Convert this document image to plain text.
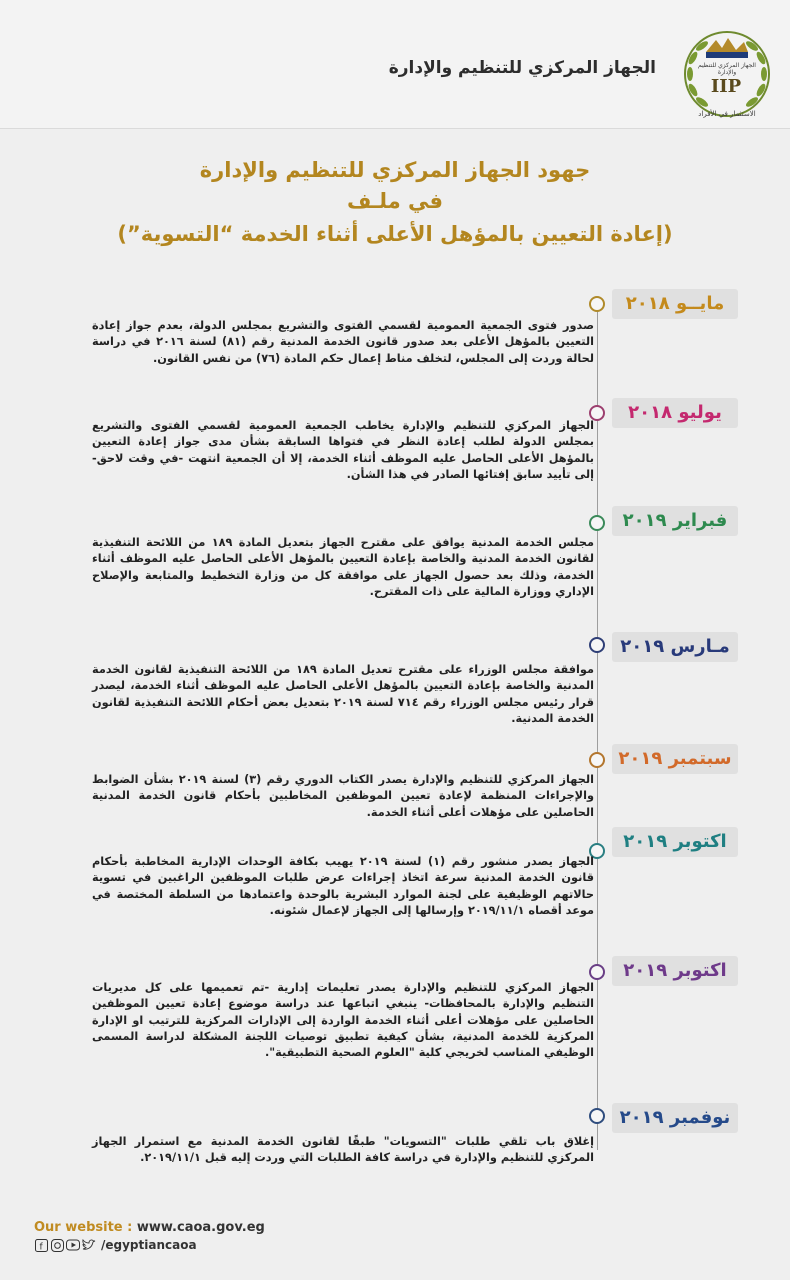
الجهاز المركزي للتنظيم والإدارة	الجهاز المركزي للتنظيم والإدارة
IIP
الاستثمار في الأفراد
جهود الجهاز المركزي للتنظيم والإدارة
في ملـف
(إعادة التعيين بالمؤهل الأعلى أثناء الخدمة “التسوية”)
مايــو ٢٠١٨
صدور فتوى الجمعية العمومية لقسمي الفتوى والتشريع بمجلس الدولة، بعدم جواز إعادة التعيين بالمؤهل الأعلى بعد صدور قانون الخدمة المدنية رقم (٨١) لسنة ٢٠١٦ في دراسة لحالة وردت إلى المجلس، لتخلف مناط إعمال حكم المادة (٧٦) من نفس القانون.
يوليو ٢٠١٨
الجهاز المركزي للتنظيم والإدارة يخاطب الجمعية العمومية لقسمي الفتوى والتشريع بمجلس الدولة لطلب إعادة النظر في فتواها السابقة بشأن مدى جواز إعادة التعيين بالمؤهل الأعلى الحاصل عليه الموظف أثناء الخدمة، إلا أن الجمعية انتهت -في وقت لاحق- إلى تأييد سابق إفتائها الصادر في هذا الشأن.
فبراير ٢٠١٩
مجلس الخدمة المدنية يوافق على مقترح الجهاز بتعديل المادة ١٨٩ من اللائحة التنفيذية لقانون الخدمة المدنية والخاصة بإعادة التعيين بالمؤهل الأعلى الحاصل عليه الموظف أثناء الخدمة، وذلك بعد حصول الجهاز على موافقة كل من وزارة التخطيط والمتابعة والإصلاح الإداري ووزارة المالية على ذات المقترح.
مـارس ٢٠١٩
موافقة مجلس الوزراء على مقترح تعديل المادة ١٨٩ من اللائحة التنفيذية لقانون الخدمة المدنية والخاصة بإعادة التعيين بالمؤهل الأعلى الحاصل عليه الموظف أثناء الخدمة، ليصدر قرار رئيس مجلس الوزراء رقم ٧١٤ لسنة ٢٠١٩ بتعديل بعض أحكام اللائحة التنفيذية لقانون الخدمة المدنية.
سبتمبر ٢٠١٩
الجهاز المركزي للتنظيم والإدارة يصدر الكتاب الدوري رقم (٣) لسنة ٢٠١٩ بشأن الضوابط والإجراءات المنظمة لإعادة تعيين الموظفين المخاطبين بأحكام قانون الخدمة المدنية الحاصلين على مؤهلات أعلى أثناء الخدمة.
اكتوبر ٢٠١٩
الجهاز يصدر منشور رقم (١) لسنة ٢٠١٩ يهيب بكافة الوحدات الإدارية المخاطبة بأحكام قانون الخدمة المدنية سرعة اتخاذ إجراءات عرض طلبات الموظفين الراغبين في تسوية حالاتهم الوظيفية على لجنة الموارد البشرية بالوحدة واعتمادها من السلطة المختصة في موعد أقصاه ٢٠١٩/١١/١ وإرسالها إلى الجهاز لإعمال شئونه.
اكتوبر ٢٠١٩
الجهاز المركزي للتنظيم والإدارة يصدر تعليمات إدارية -تم تعميمها على كل مديريات التنظيم والإدارة بالمحافظات- ينبغي اتباعها عند دراسة موضوع إعادة تعيين الموظفين الحاصلين على مؤهلات أعلى أثناء الخدمة الواردة إلى الإدارات المركزية للترتيب او الإدارة المركزية للخدمة المدنية، بشأن كيفية تطبيق توصيات اللجنة المشكلة لدراسة المسمى الوظيفي المناسب لخريجي كلية "العلوم الصحية التطبيقية".
نوفمبر ٢٠١٩
إغلاق باب تلقي طلبات "التسويات" طبقًا لقانون الخدمة المدنية مع استمرار الجهاز المركزي للتنظيم والإدارة في دراسة كافة الطلبات التي وردت إليه قبل ٢٠١٩/١١/١.
Our website : www.caoa.gov.eg
f	/egyptiancaoa
